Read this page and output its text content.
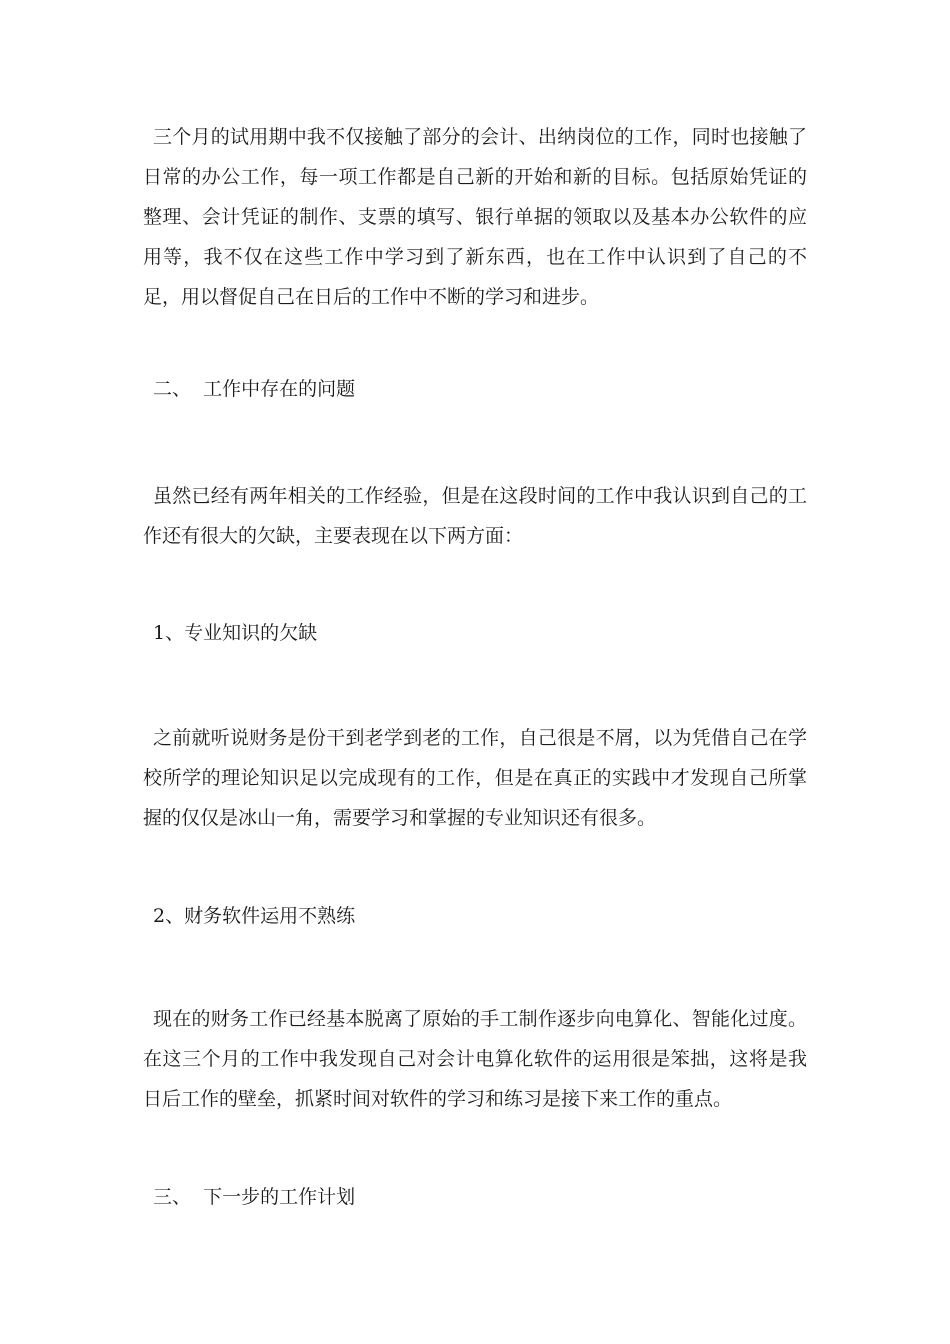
三个月的试用期中我不仅接触了部分的会计、出纳岗位的工作，同时也接触了日常的办公工作，每一项工作都是自己新的开始和新的目标。包括原始凭证的整理、会计凭证的制作、支票的填写、银行单据的领取以及基本办公软件的应用等，我不仅在这些工作中学习到了新东西，也在工作中认识到了自己的不足，用以督促自己在日后的工作中不断的学习和进步。

二、  工作中存在的问题

虽然已经有两年相关的工作经验，但是在这段时间的工作中我认识到自己的工作还有很大的欠缺，主要表现在以下两方面：

1、专业知识的欠缺

之前就听说财务是份干到老学到老的工作，自己很是不屑，以为凭借自己在学校所学的理论知识足以完成现有的工作，但是在真正的实践中才发现自己所掌握的仅仅是冰山一角，需要学习和掌握的专业知识还有很多。

2、财务软件运用不熟练

现在的财务工作已经基本脱离了原始的手工制作逐步向电算化、智能化过度。在这三个月的工作中我发现自己对会计电算化软件的运用很是笨拙，这将是我日后工作的壁垒，抓紧时间对软件的学习和练习是接下来工作的重点。

三、  下一步的工作计划
